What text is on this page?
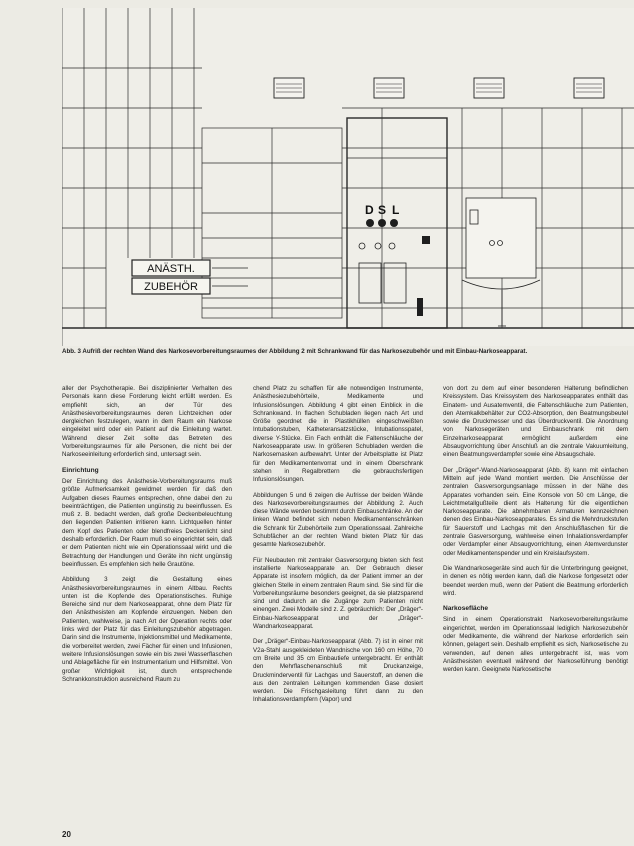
ANÄSTH.
ZUBEHÖR
D S L
Abb. 3 Aufriß der rechten Wand des Narkosevorbereitungsraumes der Abbildung 2 mit Schrankwand für das Narkosezubehör und mit Einbau-Narkoseapparat.

aller der Psychotherapie. Bei disziplinierter Verhalten des Personals kann diese Forderung leicht erfüllt werden. Es empfiehlt sich, an der Tür des Anästhesievorbereitungsraumes deren Lichtzeichen oder dergleichen festzulegen, wann in dem Raum ein Narkose eingeleitet wird oder ein Patient auf die Einleitung wartet. Während dieser Zeit sollte das Betreten des Vorbereitungsraumes für alle Personen, die nicht bei der Narkoseeinleitung erforderlich sind, untersagt sein.

Einrichtung

Der Einrichtung des Anästhesie-Vorbereitungsraums muß größte Aufmerksamkeit gewidmet werden für daß den Aufgaben dieses Raumes entsprechen, ohne dabei den zu beeinträchtigen, die Patienten ungünstig zu beeinflussen. Es muß z. B. bedacht werden, daß große Deckenbeleuchtung den liegenden Patienten irritieren kann. Lichtquellen hinter dem Kopf des Patienten oder blendfreies Deckenlicht sind deshalb erforderlich. Der Raum muß so eingerichtet sein, daß er dem Patienten nicht wie ein Operationssaal wirkt und die Betrachtung der Handlungen und Geräte ihn nicht ungünstig beeinflussen. Es empfehlen sich helle Grautöne.

Abbildung 3 zeigt die Gestaltung eines Anästhesievorbereitungsraumes in einem Altbau. Rechts unten ist die Kopfende des Operationstisches. Ruhige Bereiche sind nur dem Narkoseapparat, ohne dem Platz für den Anästhesisten am Kopfende einzuengen. Neben den Patienten, wahlweise, ja nach Art der Operation rechts oder links wird der Platz für das Einleitungszubehör abgetragen. Darin sind die Instrumente, Injektionsmittel und Medikamente, die vorbereitet werden, zwei Fächer für einen und Infusionen, weitere Infusionslösungen sowie ein bis zwei Wasserflaschen und Ablagefläche für ein Instrumentarium und Hilfsmittel. Von großer Wichtigkeit ist, durch entsprechende Schrankkonstruktion ausreichend Raum zu

chend Platz zu schaffen für alle notwendigen Instrumente, Anästhesiezubehörteile, Medikamente und Infusionslösungen. Abbildung 4 gibt einen Einblick in die Schrankwand. In flachen Schubladen liegen nach Art und Größe geordnet die in Plastikhüllen eingeschweißten Intubationstuben, Katheteransatzstücke, Intubationsspatel, diverse Y-Stücke. Ein Fach enthält die Faltenschläuche der Narkoseapparate usw. In größeren Schubladen werden die Narkosemasken aufbewahrt. Unter der Arbeitsplatte ist Platz für den Medikamentenvorrat und in einem Oberschrank stehen in Regalbrettern die gebrauchsfertigen Infusionslösungen.

Abbildungen 5 und 6 zeigen die Aufrisse der beiden Wände des Narkosevorbereitungsraumes der Abbildung 2. Auch diese Wände werden bestimmt durch Einbauschränke. An der linken Wand befindet sich neben Medikamentenschränken die Schrank für Zubehörteile zum Operationssaal. Zahlreiche Schubfächer an der rechten Wand bieten Platz für das gesamte Narkosezubehör.

Für Neubauten mit zentraler Gasversorgung bieten sich fest installierte Narkoseapparate an. Der Gebrauch dieser Apparate ist insofern möglich, da der Patient immer an der gleichen Stelle in einem zentralen Raum sind. Sie sind für die Vorbereitungsräume besonders geeignet, da sie platzsparend sind und dadurch an die Zugänge zum Patienten nicht einengen. Zwei Modelle sind z. Z. gebräuchlich: Der „Dräger“-Einbau-Narkoseapparat und der „Dräger“-Wandnarkoseapparat.

Der „Dräger“-Einbau-Narkoseapparat (Abb. 7) ist in einer mit V2a-Stahl ausgekleideten Wandnische von 160 cm Höhe, 70 cm Breite und 35 cm Einbautiefe untergebracht. Er enthält den Mehrflaschenanschluß mit Druckanzeige, Druckminderventil für Lachgas und Sauerstoff, an denen die aus den zentralen Leitungen kommenden Gase dosiert werden. Die Frischgasleitung führt dann zu den Inhalationsverdampfern (Vapor) und

von dort zu dem auf einer besonderen Halterung befindlichen Kreissystem. Das Kreissystem des Narkoseapparates enthält das Einatem- und Ausatemventil, die Faltenschläuche zum Patienten, den Atemkalkbehälter zur CO2-Absorption, den Beatmungsbeutel sowie die Druckmesser und das Überdruckventil. Die Anordnung von Narkosegeräten und Einbauschrank mit dem Einzelnarkoseapparat ermöglicht außerdem eine Absaugvorrichtung über Anschluß an die zentrale Vakuumleitung, einen Beatmungsverdampfer sowie eine Absaugschale.

Der „Dräger“-Wand-Narkoseapparat (Abb. 8) kann mit einfachen Mitteln auf jede Wand montiert werden. Die Anschlüsse der zentralen Gasversorgungsanlage müssen in der Nähe des Apparates vorhanden sein. Eine Konsole von 50 cm Länge, die Leichtmetallgußteile dient als Halterung für die eigentlichen Narkoseapparate. Die abnehmbaren Armaturen kennzeichnen denen des Einbau-Narkoseapparates. Es sind die Mehrdruckstufen für Sauerstoff und Lachgas mit den Anschlußflaschen für die zentrale Gasversorgung, wahlweise einen Inhalationsverdampfer oder Verdampfer einer Absaugvorrichtung, einen Atemverdunster oder Medikamentenspender und ein Kreislaufsystem.

Die Wandnarkosegeräte sind auch für die Unterbringung geeignet, in denen es nötig werden kann, daß die Narkose fortgesetzt oder beendet werden muß, wenn der Patient die Beatmung erforderlich wird.

Narkosefläche

Sind in einem Operationstrakt Narkosevorbereitungsräume eingerichtet, werden im Operationssaal lediglich Narkosezubehör oder Medikamente, die während der Narkose erforderlich sein können, gelagert sein. Deshalb empfiehlt es sich, Narkosetische zu verwenden, auf denen alles untergebracht ist, was vom Anästhesisten eventuell während der Narkoseführung benötigt werden kann. Geeignete Narkosetische

20
